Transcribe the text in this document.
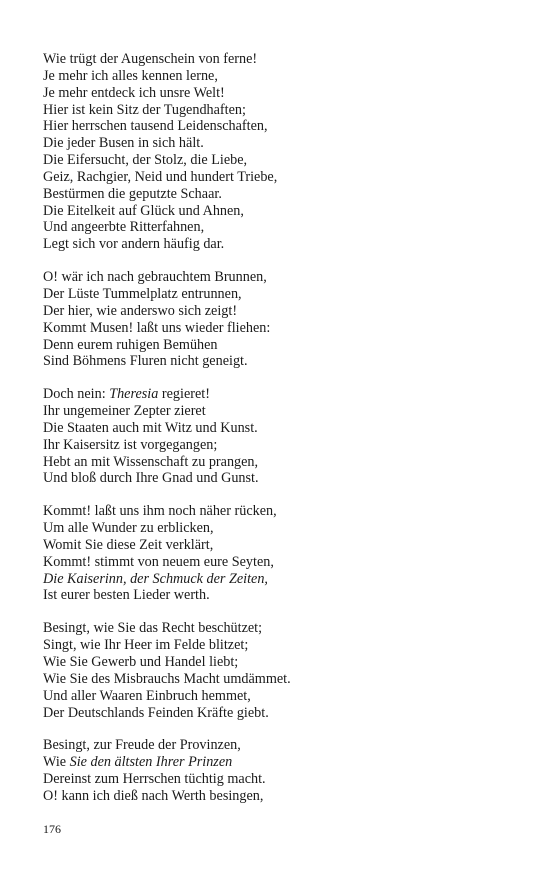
Wie trügt der Augenschein von ferne!
Je mehr ich alles kennen lerne,
Je mehr entdeck ich unsre Welt!
Hier ist kein Sitz der Tugendhaften;
Hier herrschen tausend Leidenschaften,
Die jeder Busen in sich hält.
Die Eifersucht, der Stolz, die Liebe,
Geiz, Rachgier, Neid und hundert Triebe,
Bestürmen die geputzte Schaar.
Die Eitelkeit auf Glück und Ahnen,
Und angeerbte Ritterfahnen,
Legt sich vor andern häufig dar.
O! wär ich nach gebrauchtem Brunnen,
Der Lüste Tummelplatz entrunnen,
Der hier, wie anderswo sich zeigt!
Kommt Musen! laßt uns wieder fliehen:
Denn eurem ruhigen Bemühen
Sind Böhmens Fluren nicht geneigt.
Doch nein: Theresia regieret!
Ihr ungemeiner Zepter zieret
Die Staaten auch mit Witz und Kunst.
Ihr Kaisersitz ist vorgegangen;
Hebt an mit Wissenschaft zu prangen,
Und bloß durch Ihre Gnad und Gunst.
Kommt! laßt uns ihm noch näher rücken,
Um alle Wunder zu erblicken,
Womit Sie diese Zeit verklärt,
Kommt! stimmt von neuem eure Seyten,
Die Kaiserinn, der Schmuck der Zeiten,
Ist eurer besten Lieder werth.
Besingt, wie Sie das Recht beschützet;
Singt, wie Ihr Heer im Felde blitzet;
Wie Sie Gewerb und Handel liebt;
Wie Sie des Misbrauchs Macht umdämmet.
Und aller Waaren Einbruch hemmet,
Der Deutschlands Feinden Kräfte giebt.
Besingt, zur Freude der Provinzen,
Wie Sie den ältsten Ihrer Prinzen
Dereinst zum Herrschen tüchtig macht.
O! kann ich dieß nach Werth besingen,
176
